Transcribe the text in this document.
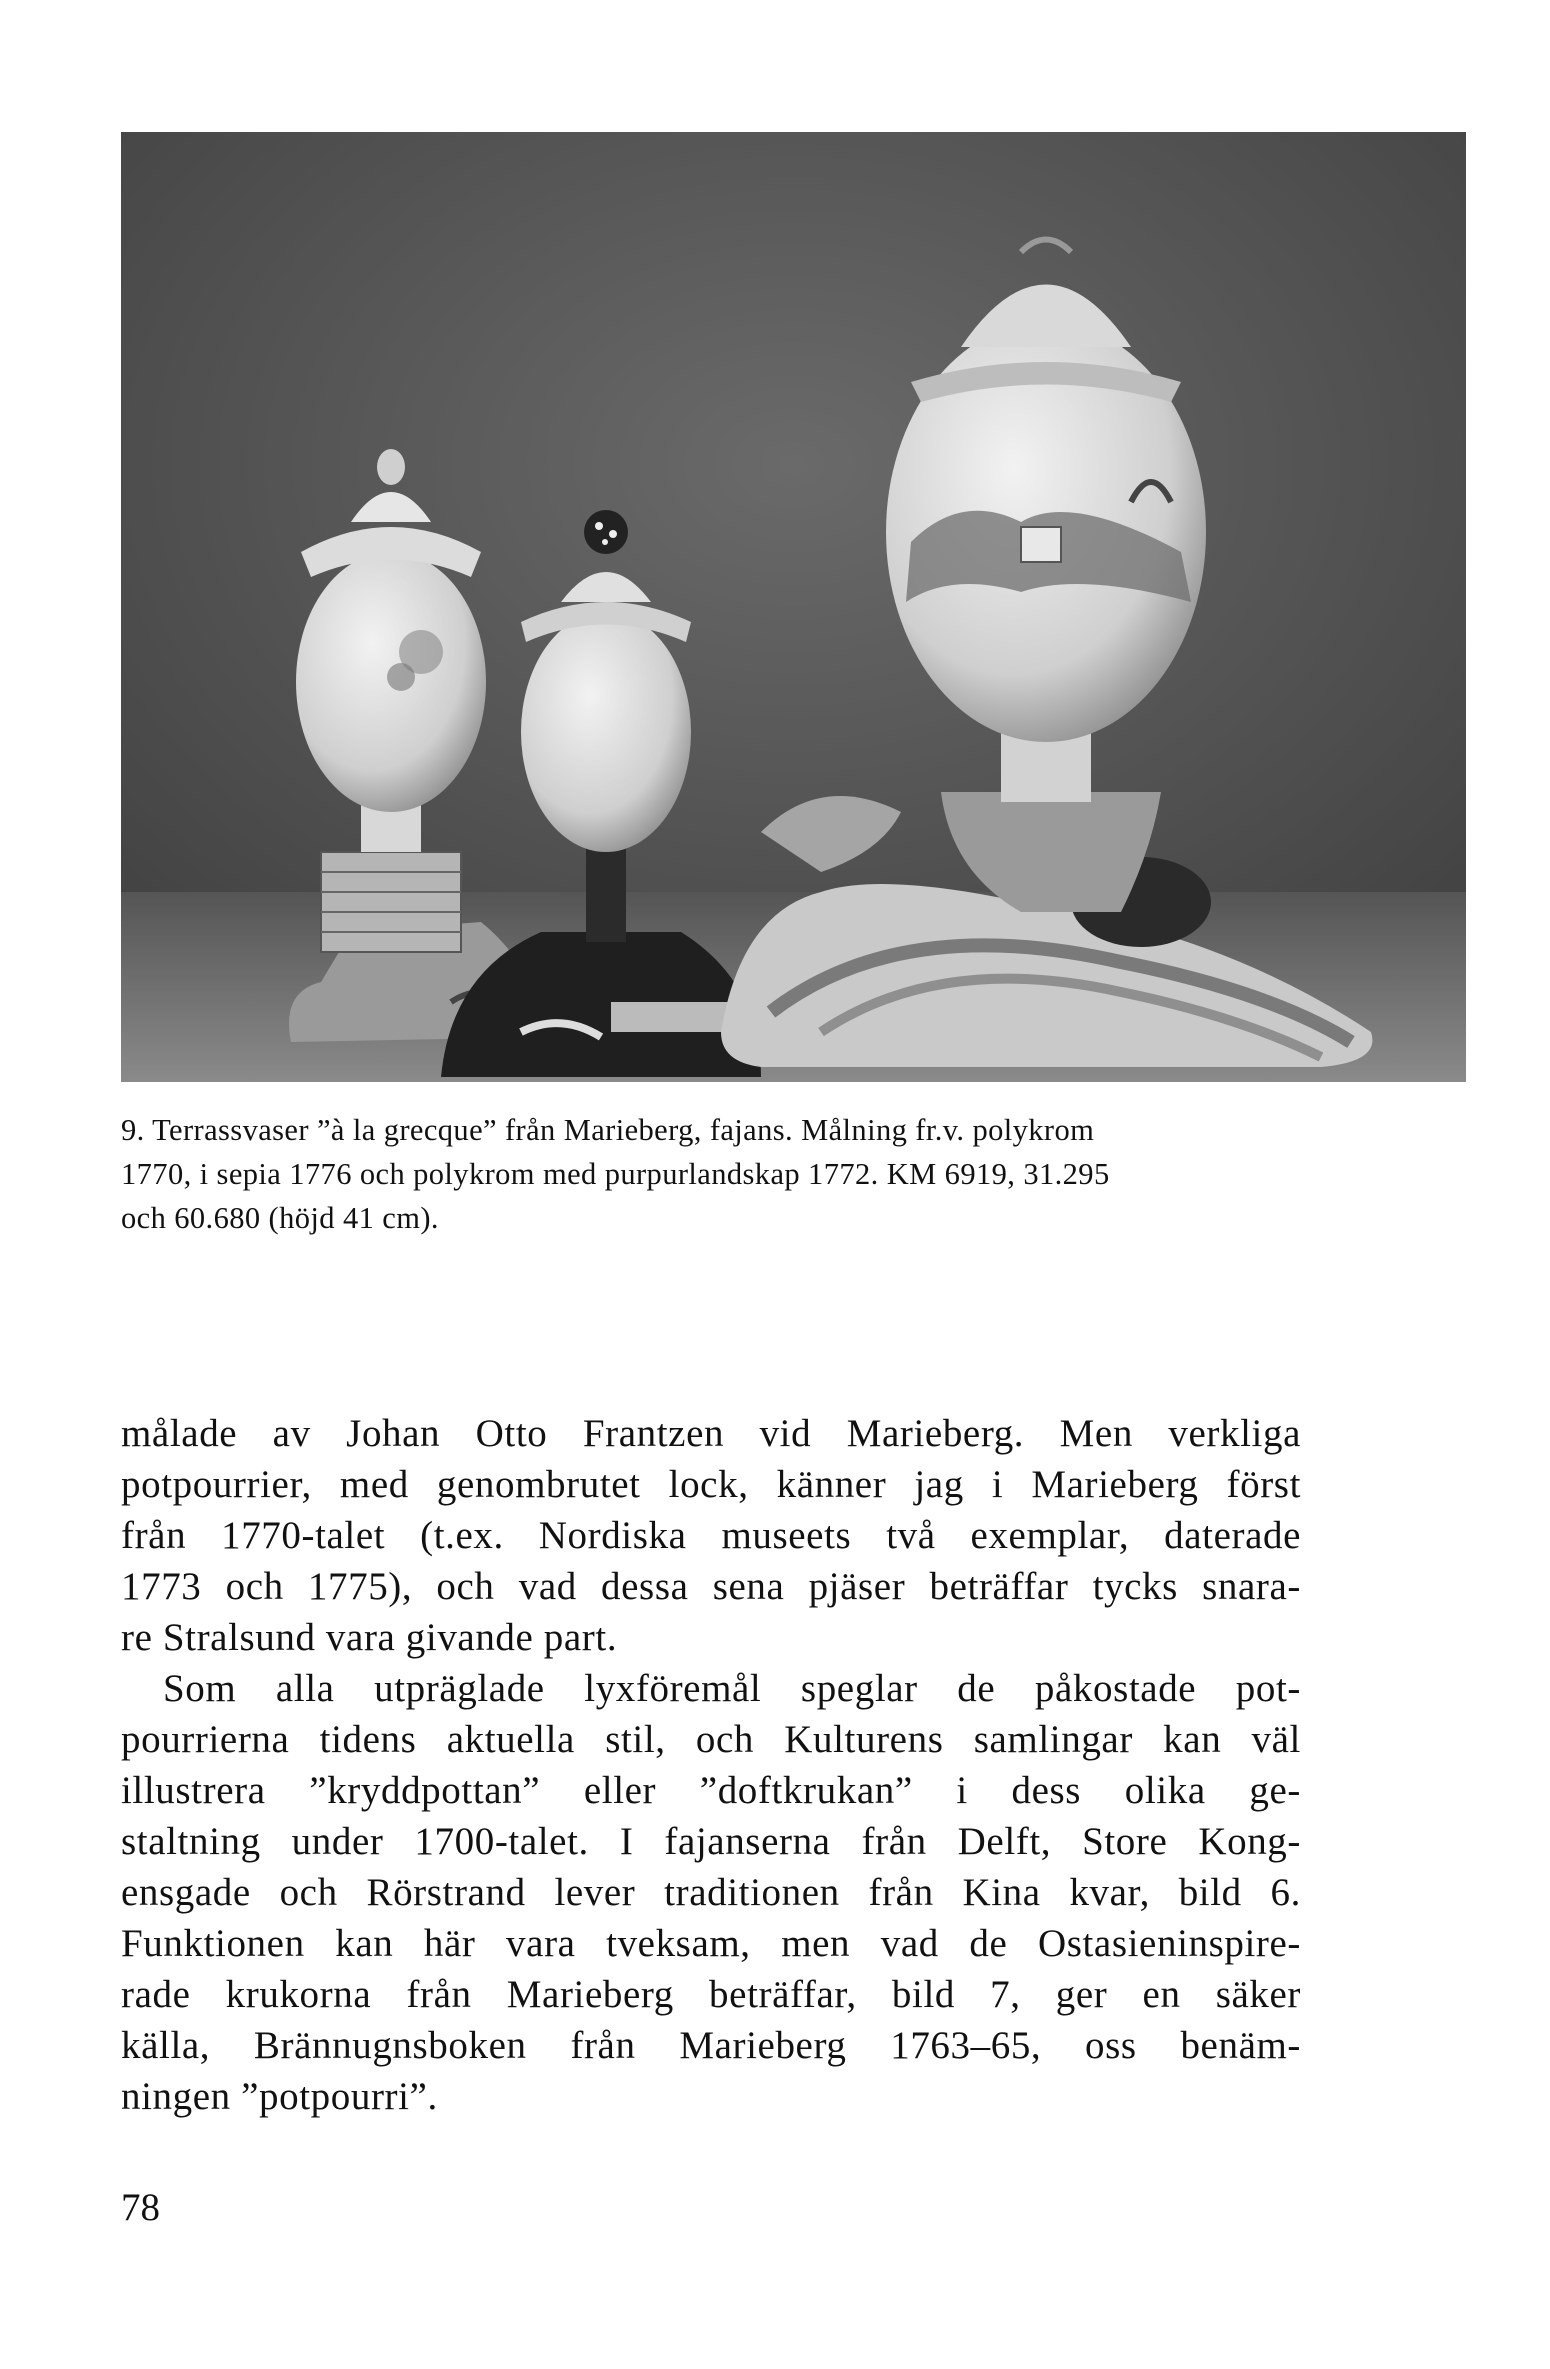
9. Terrassvaser ”à la grecque” från Marieberg, fajans. Målning fr.v. polykrom
1770, i sepia 1776 och polykrom med purpurlandskap 1772. KM 6919, 31.295
och 60.680 (höjd 41 cm).

målade av Johan Otto Frantzen vid Marieberg. Men verkliga
potpourrier, med genombrutet lock, känner jag i Marieberg först
från 1770-talet (t.ex. Nordiska museets två exemplar, daterade
1773 och 1775), och vad dessa sena pjäser beträffar tycks snara-
re Stralsund vara givande part.

Som alla utpräglade lyxföremål speglar de påkostade pot-
pourrierna tidens aktuella stil, och Kulturens samlingar kan väl
illustrera ”kryddpottan” eller ”doftkrukan” i dess olika ge-
staltning under 1700-talet. I fajanserna från Delft, Store Kong-
ensgade och Rörstrand lever traditionen från Kina kvar, bild 6.
Funktionen kan här vara tveksam, men vad de Ostasieninspire-
rade krukorna från Marieberg beträffar, bild 7, ger en säker
källa, Brännugnsboken från Marieberg 1763–65, oss benäm-
ningen ”potpourri”.

78
